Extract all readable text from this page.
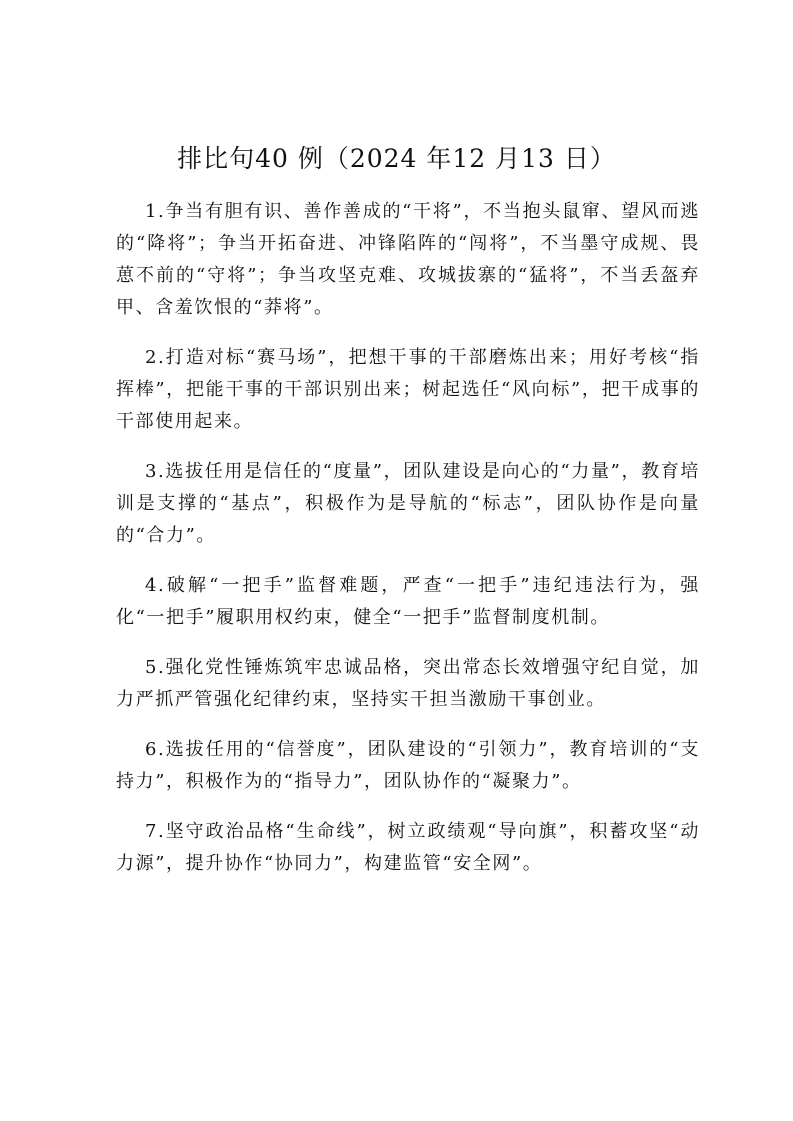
排比句40 例（2024 年12 月13 日）

1.争当有胆有识、善作善成的“干将”，不当抱头鼠窜、望风而逃的“降将”；争当开拓奋进、冲锋陷阵的“闯将”，不当墨守成规、畏葸不前的“守将”；争当攻坚克难、攻城拔寨的“猛将”，不当丢盔弃甲、含羞饮恨的“莽将”。

2.打造对标“赛马场”，把想干事的干部磨炼出来；用好考核“指挥棒”，把能干事的干部识别出来；树起选任“风向标”，把干成事的干部使用起来。

3.选拔任用是信任的“度量”，团队建设是向心的“力量”，教育培训是支撑的“基点”，积极作为是导航的“标志”，团队协作是向量的“合力”。

4.破解“一把手”监督难题，严查“一把手”违纪违法行为，强化“一把手”履职用权约束，健全“一把手”监督制度机制。

5.强化党性锤炼筑牢忠诚品格，突出常态长效增强守纪自觉，加力严抓严管强化纪律约束，坚持实干担当激励干事创业。

6.选拔任用的“信誉度”，团队建设的“引领力”，教育培训的“支持力”，积极作为的“指导力”，团队协作的“凝聚力”。

7.坚守政治品格“生命线”，树立政绩观“导向旗”，积蓄攻坚“动力源”，提升协作“协同力”，构建监管“安全网”。
